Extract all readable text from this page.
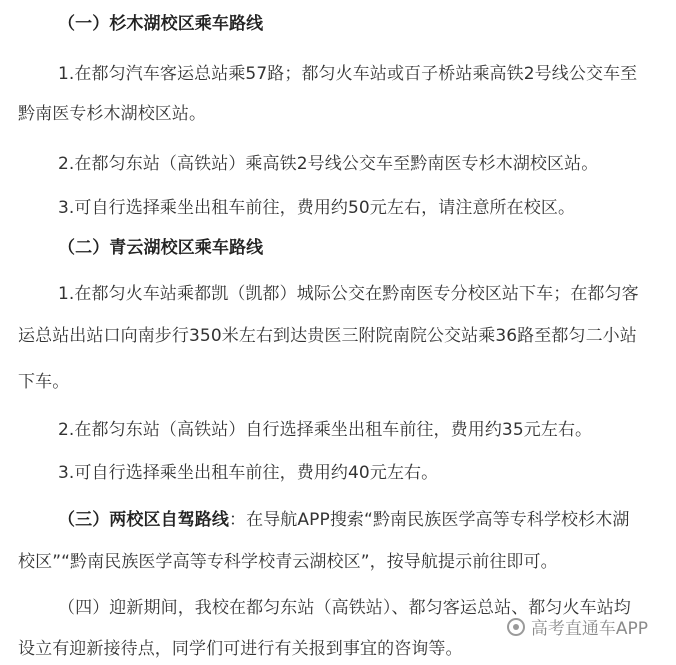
（一）杉木湖校区乘车路线
1.在都匀汽车客运总站乘57路；都匀火车站或百子桥站乘高铁2号线公交车至
黔南医专杉木湖校区站。
2.在都匀东站（高铁站）乘高铁2号线公交车至黔南医专杉木湖校区站。
3.可自行选择乘坐出租车前往，费用约50元左右，请注意所在校区。
（二）青云湖校区乘车路线
1.在都匀火车站乘都凯（凯都）城际公交在黔南医专分校区站下车；在都匀客
运总站出站口向南步行350米左右到达贵医三附院南院公交站乘36路至都匀二小站
下车。
2.在都匀东站（高铁站）自行选择乘坐出租车前往，费用约35元左右。
3.可自行选择乘坐出租车前往，费用约40元左右。
（三）两校区自驾路线：在导航APP搜索“黔南民族医学高等专科学校杉木湖
校区”“黔南民族医学高等专科学校青云湖校区”，按导航提示前往即可。
（四）迎新期间，我校在都匀东站（高铁站）、都匀客运总站、都匀火车站均
设立有迎新接待点，同学们可进行有关报到事宜的咨询等。
高考直通车APP
